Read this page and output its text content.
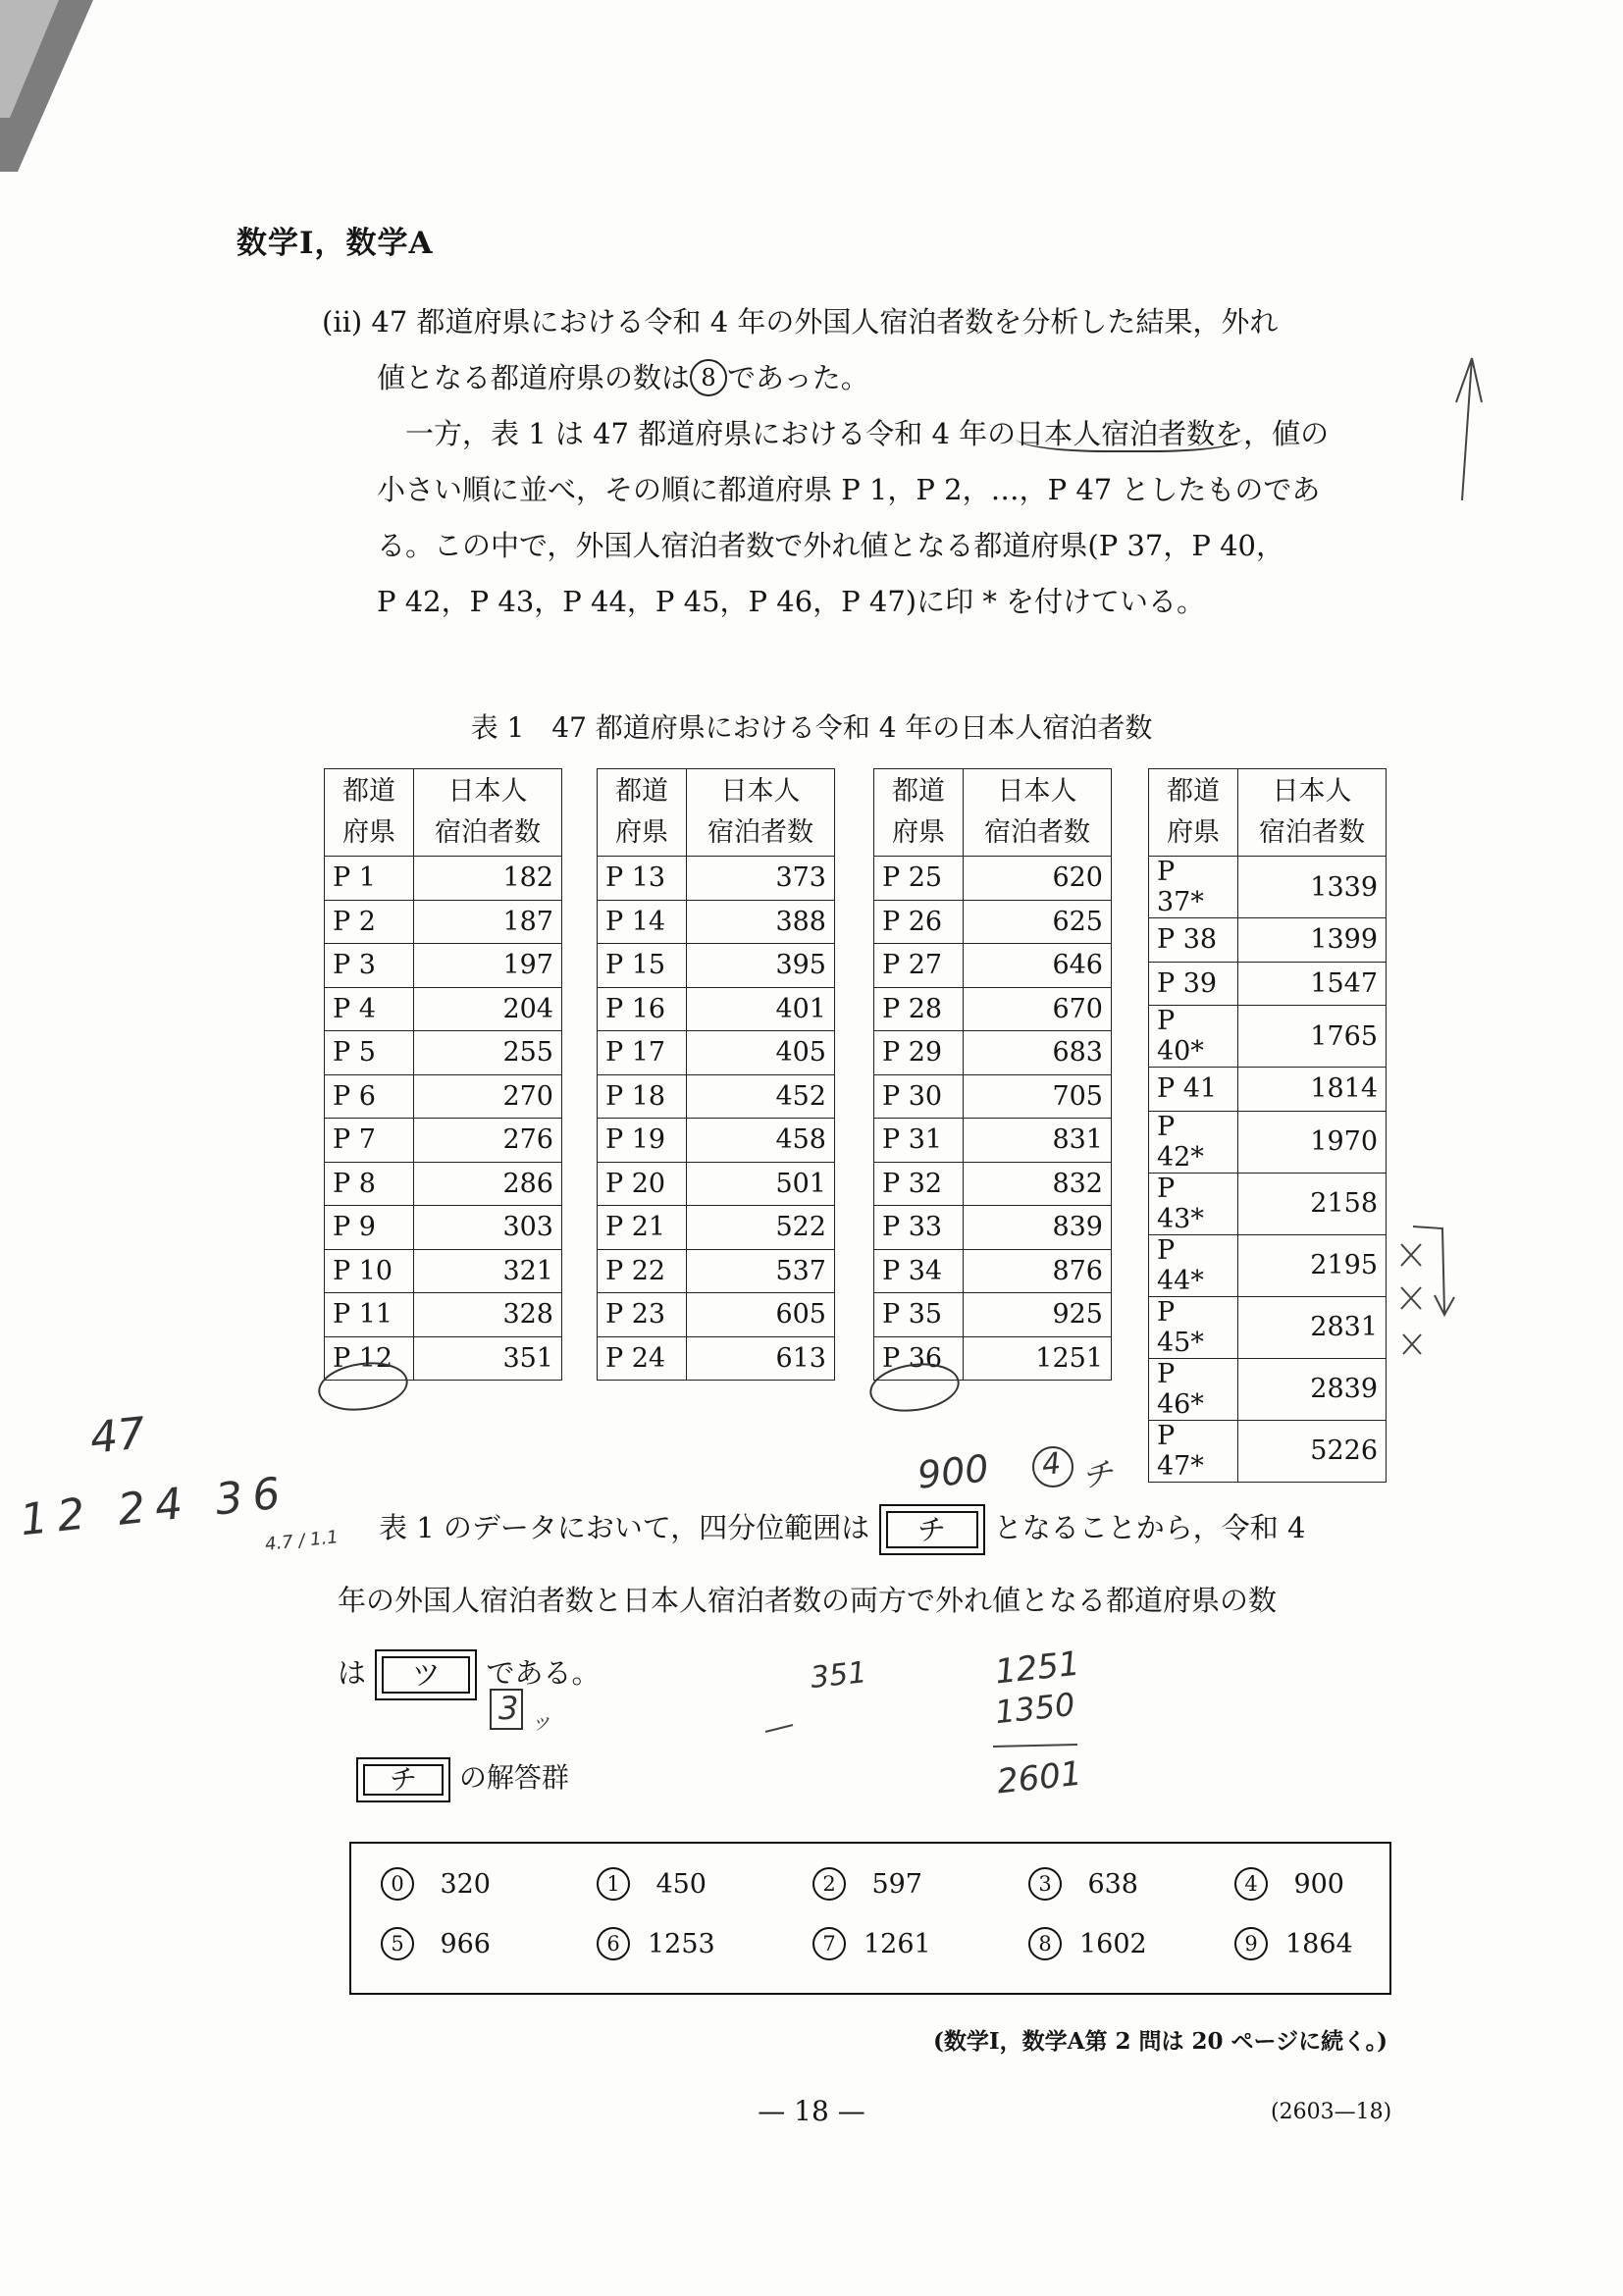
数学Ⅰ，数学A

(ii) 47 都道府県における令和 4 年の外国人宿泊者数を分析した結果，外れ

値となる都道府県の数は 8 であった。

一方，表 1 は 47 都道府県における令和 4 年の日本人宿泊者数を，値の

小さい順に並べ，その順に都道府県 P 1，P 2，…，P 47 としたものであ

る。この中で，外国人宿泊者数で外れ値となる都道府県(P 37，P 40，

P 42，P 43，P 44，P 45，P 46，P 47)に印 * を付けている。

表 1　47 都道府県における令和 4 年の日本人宿泊者数
都道
府県	日本人
宿泊者数

P 1	182
P 2	187
P 3	197
P 4	204
P 5	255
P 6	270
P 7	276
P 8	286
P 9	303
P 10	321
P 11	328
P 12	351
都道
府県	日本人
宿泊者数

P 13	373
P 14	388
P 15	395
P 16	401
P 17	405
P 18	452
P 19	458
P 20	501
P 21	522
P 22	537
P 23	605
P 24	613
都道
府県	日本人
宿泊者数

P 25	620
P 26	625
P 27	646
P 28	670
P 29	683
P 30	705
P 31	831
P 32	832
P 33	839
P 34	876
P 35	925
P 36	1251
都道
府県	日本人
宿泊者数

P 37*	1339
P 38	1399
P 39	1547
P 40*	1765
P 41	1814
P 42*	1970
P 43*	2158
P 44*	2195
P 45*	2831
P 46*	2839
P 47*	5226

表 1 のデータにおいて，四分位範囲は チ となることから，令和 4

年の外国人宿泊者数と日本人宿泊者数の両方で外れ値となる都道府県の数

は ツ である。

チ の解答群
0	320	1	450	2	597	3	638	4	900
5	966	6	1253	7	1261	8	1602	9	1864
(数学Ⅰ，数学A第 2 問は 20 ページに続く。)
— 18 —	(2603—18)
47
12 24 36
4.7 / 1.1
900 4 チ
351	1251
1350
2601
3 ッ
